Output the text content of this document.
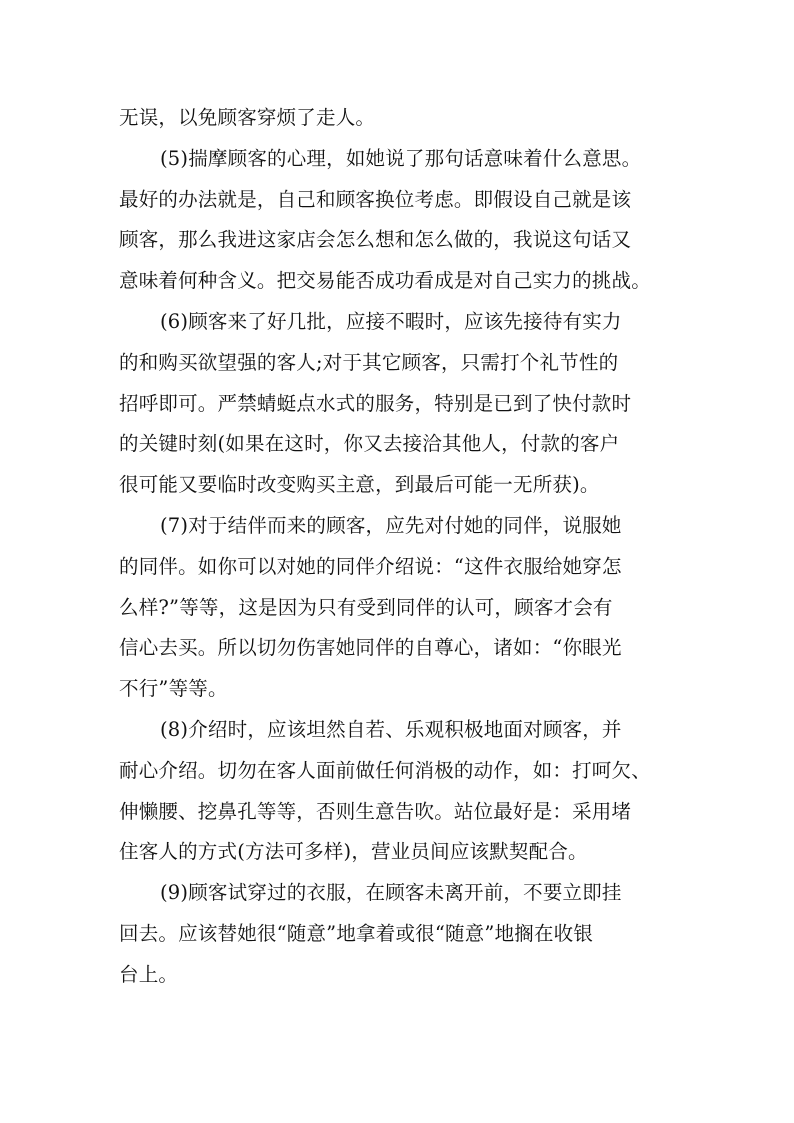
无误，以免顾客穿烦了走人。
(5)揣摩顾客的心理，如她说了那句话意味着什么意思。
最好的办法就是，自己和顾客换位考虑。即假设自己就是该
顾客，那么我进这家店会怎么想和怎么做的，我说这句话又
意味着何种含义。把交易能否成功看成是对自己实力的挑战。
(6)顾客来了好几批，应接不暇时，应该先接待有实力
的和购买欲望强的客人;对于其它顾客，只需打个礼节性的
招呼即可。严禁蜻蜓点水式的服务，特别是已到了快付款时
的关键时刻(如果在这时，你又去接洽其他人，付款的客户
很可能又要临时改变购买主意，到最后可能一无所获)。
(7)对于结伴而来的顾客，应先对付她的同伴，说服她
的同伴。如你可以对她的同伴介绍说：“这件衣服给她穿怎
么样?”等等，这是因为只有受到同伴的认可，顾客才会有
信心去买。所以切勿伤害她同伴的自尊心，诸如：“你眼光
不行”等等。
(8)介绍时，应该坦然自若、乐观积极地面对顾客，并
耐心介绍。切勿在客人面前做任何消极的动作，如：打呵欠、
伸懒腰、挖鼻孔等等，否则生意告吹。站位最好是：采用堵
住客人的方式(方法可多样)，营业员间应该默契配合。
(9)顾客试穿过的衣服，在顾客未离开前，不要立即挂
回去。应该替她很“随意”地拿着或很“随意”地搁在收银
台上。
